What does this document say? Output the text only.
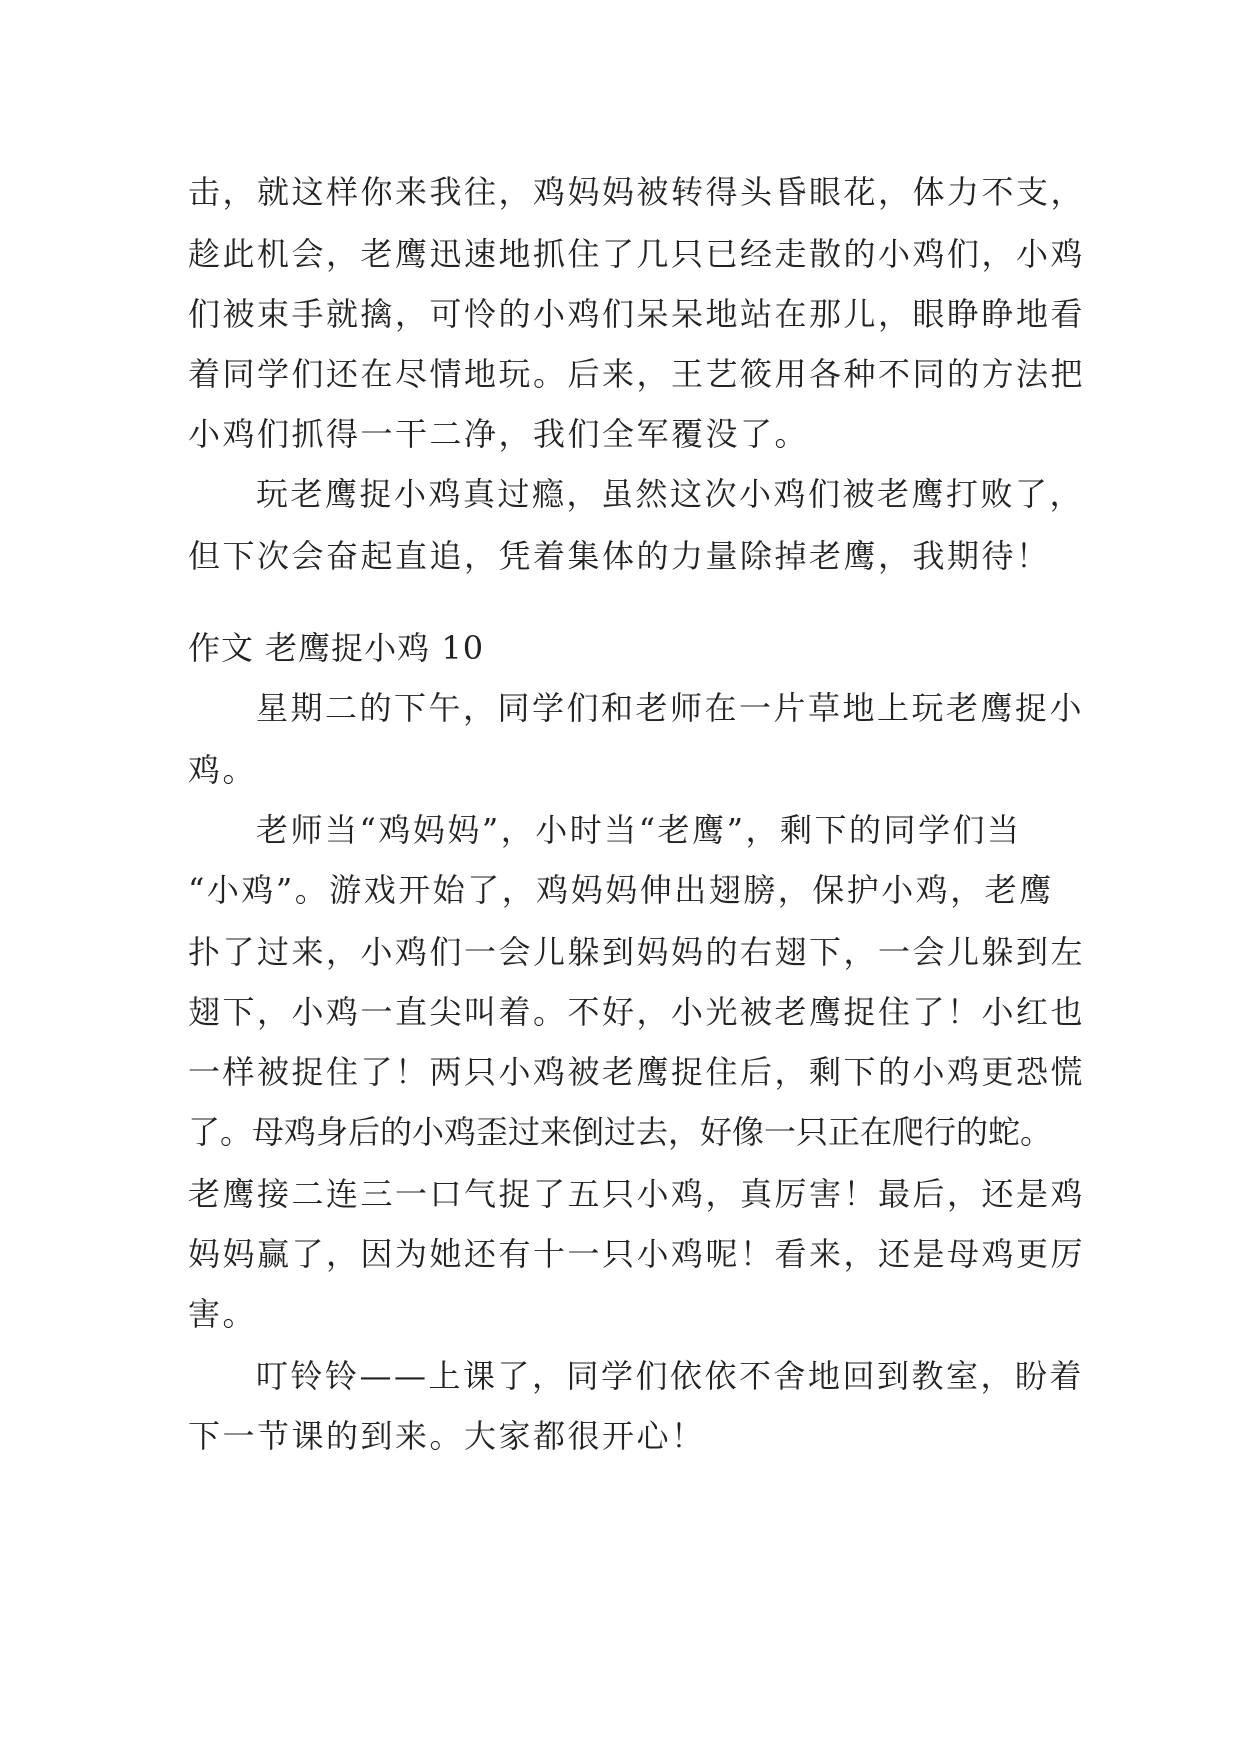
击，就这样你来我往，鸡妈妈被转得头昏眼花，体力不支，
趁此机会，老鹰迅速地抓住了几只已经走散的小鸡们，小鸡
们被束手就擒，可怜的小鸡们呆呆地站在那儿，眼睁睁地看
着同学们还在尽情地玩。后来，王艺筱用各种不同的方法把
小鸡们抓得一干二净，我们全军覆没了。
玩老鹰捉小鸡真过瘾，虽然这次小鸡们被老鹰打败了，
但下次会奋起直追，凭着集体的力量除掉老鹰，我期待！
作文 老鹰捉小鸡 10
星期二的下午，同学们和老师在一片草地上玩老鹰捉小
鸡。
老师当“鸡妈妈”，小时当“老鹰”，剩下的同学们当
“小鸡”。游戏开始了，鸡妈妈伸出翅膀，保护小鸡，老鹰
扑了过来，小鸡们一会儿躲到妈妈的右翅下，一会儿躲到左
翅下，小鸡一直尖叫着。不好，小光被老鹰捉住了！小红也
一样被捉住了！两只小鸡被老鹰捉住后，剩下的小鸡更恐慌
了。母鸡身后的小鸡歪过来倒过去，好像一只正在爬行的蛇。
老鹰接二连三一口气捉了五只小鸡，真厉害！最后，还是鸡
妈妈赢了，因为她还有十一只小鸡呢！看来，还是母鸡更厉
害。
叮铃铃——上课了，同学们依依不舍地回到教室，盼着
下一节课的到来。大家都很开心！
